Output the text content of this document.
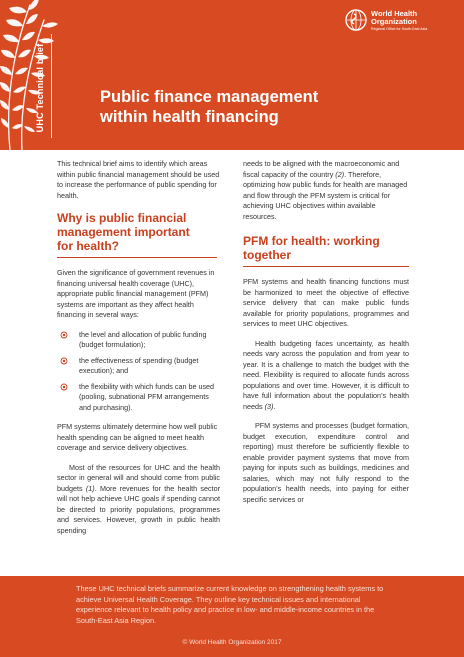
UHC Technical brief
World Health
Organization
Regional Office for South-East Asia
Public finance management
within health financing

This technical brief aims to identify which areas within public financial management should be used to increase the performance of public spending for health.

Why is public financial
management important
for health?

Given the significance of government revenues in financing universal health coverage (UHC), appropriate public financial management (PFM) systems are important as they affect health financing in several ways:

the level and allocation of public funding (budget formulation);
the effectiveness of spending (budget execution); and
the flexibility with which funds can be used (pooling, subnational PFM arrangements and purchasing).

PFM systems ultimately determine how well public health spending can be aligned to meet health coverage and service delivery objectives.

Most of the resources for UHC and the health sector in general will and should come from public budgets (1). More revenues for the health sector will not help achieve UHC goals if spending cannot be directed to priority populations, programmes and services. However, growth in public health spending

needs to be aligned with the macroeconomic and fiscal capacity of the country (2). Therefore, optimizing how public funds for health are managed and flow through the PFM system is critical for achieving UHC objectives within available resources.

PFM for health: working
together

PFM systems and health financing functions must be harmonized to meet the objective of effective service delivery that can make public funds available for priority populations, programmes and services to meet UHC objectives.

Health budgeting faces uncertainty, as health needs vary across the population and from year to year. It is a challenge to match the budget with the need. Flexibility is required to allocate funds across populations and over time. However, it is difficult to have full information about the population’s health needs (3).

PFM systems and processes (budget formation, budget execution, expenditure control and reporting) must therefore be sufficiently flexible to enable provider payment systems that move from paying for inputs such as buildings, medicines and salaries, which may not fully respond to the population’s health needs, into paying for either specific services or

These UHC technical briefs summarize current knowledge on strengthening health systems to achieve Universal Health Coverage. They outline key technical issues and international experience relevant to health policy and practice in low- and middle-income countries in the South-East Asia Region.

© World Health Organization 2017
